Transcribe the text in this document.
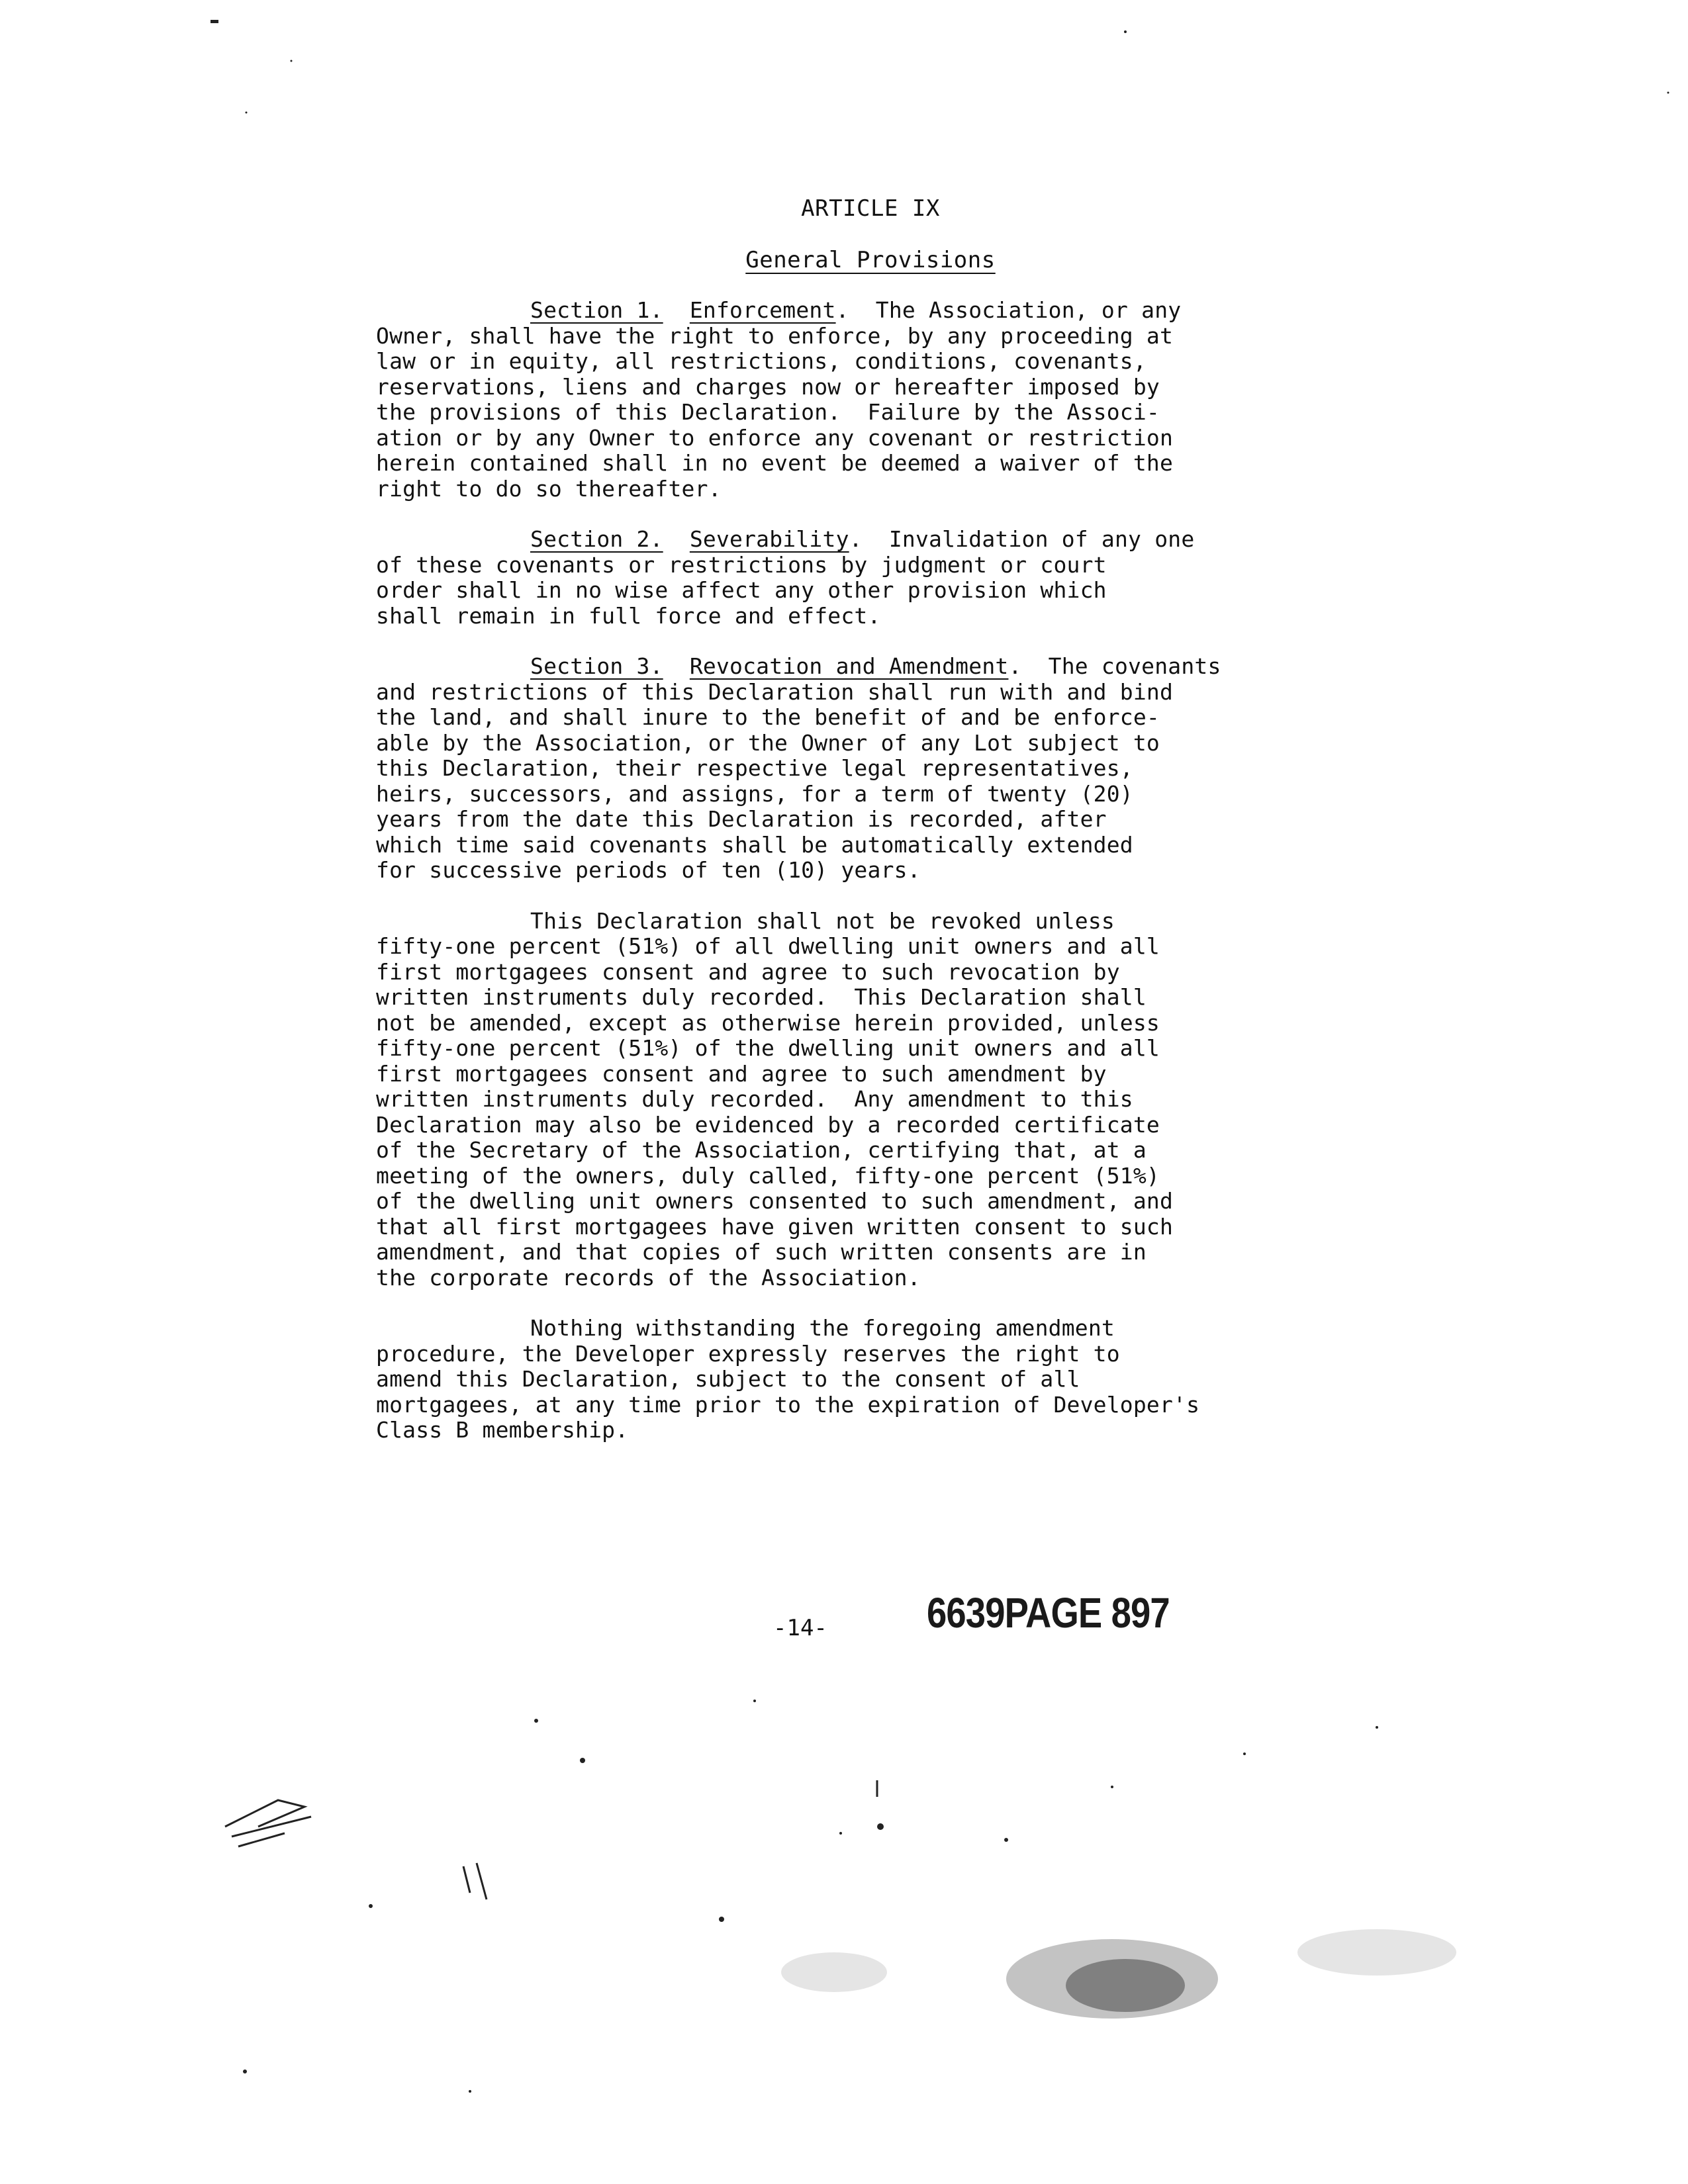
ARTICLE IX
General Provisions
Section 1. Enforcement.  The Association, or any
Owner, shall have the right to enforce, by any proceeding at
law or in equity, all restrictions, conditions, covenants,
reservations, liens and charges now or hereafter imposed by
the provisions of this Declaration.  Failure by the Associ-
ation or by any Owner to enforce any covenant or restriction
herein contained shall in no event be deemed a waiver of the
right to do so thereafter.
Section 2. Severability.  Invalidation of any one
of these covenants or restrictions by judgment or court
order shall in no wise affect any other provision which
shall remain in full force and effect.
Section 3. Revocation and Amendment.  The covenants
and restrictions of this Declaration shall run with and bind
the land, and shall inure to the benefit of and be enforce-
able by the Association, or the Owner of any Lot subject to
this Declaration, their respective legal representatives,
heirs, successors, and assigns, for a term of twenty (20)
years from the date this Declaration is recorded, after
which time said covenants shall be automatically extended
for successive periods of ten (10) years.
This Declaration shall not be revoked unless
fifty-one percent (51%) of all dwelling unit owners and all
first mortgagees consent and agree to such revocation by
written instruments duly recorded.  This Declaration shall
not be amended, except as otherwise herein provided, unless
fifty-one percent (51%) of the dwelling unit owners and all
first mortgagees consent and agree to such amendment by
written instruments duly recorded.  Any amendment to this
Declaration may also be evidenced by a recorded certificate
of the Secretary of the Association, certifying that, at a
meeting of the owners, duly called, fifty-one percent (51%)
of the dwelling unit owners consented to such amendment, and
that all first mortgagees have given written consent to such
amendment, and that copies of such written consents are in
the corporate records of the Association.
Nothing withstanding the foregoing amendment
procedure, the Developer expressly reserves the right to
amend this Declaration, subject to the consent of all
mortgagees, at any time prior to the expiration of Developer's
Class B membership.
-14- 6639PAGE 897
